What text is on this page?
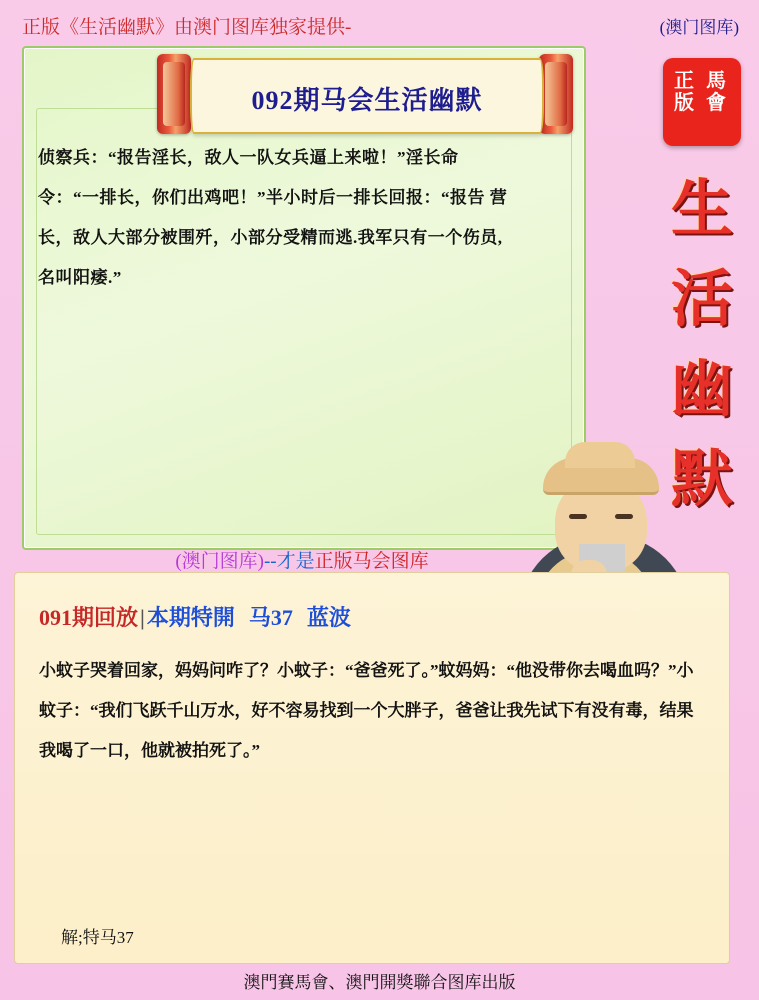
正版《生活幽默》由澳门图库独家提供-	(澳门图库)
092期马会生活幽默
侦察兵：“报告淫长，敌人一队女兵逼上来啦！”淫长命令：“一排长，你们出鸡吧！”半小时后一排长回报：“报告 营长，敌人大部分被围歼，小部分受精而逃.我军只有一个伤员,名叫阳痿.”
(澳门图库)--才是正版马会图库
正版
馬會
生
活
幽
默
091期回放|本期特開 马37 蓝波
小蚊子哭着回家，妈妈问咋了？小蚊子：“爸爸死了。”蚊妈妈：“他没带你去喝血吗？”小蚊子：“我们飞跃千山万水，好不容易找到一个大胖子，爸爸让我先试下有没有毒，结果我喝了一口，他就被拍死了。”
解;特马37
澳門賽馬會、澳門開獎聯合图库出版
